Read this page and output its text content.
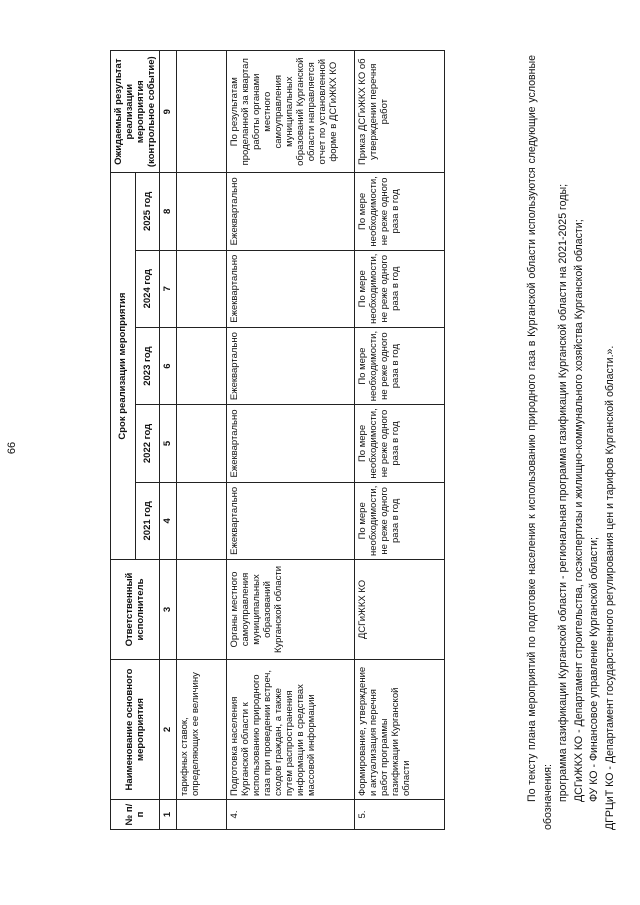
66
№ п/п	Наименование основного мероприятия	Ответственный исполнитель	Срок реализации мероприятия					Ожидаемый результат реализации мероприятия (контрольное событие)
			2021 год	2022 год	2023 год	2024 год	2025 год	
1	2	3	4	5	6	7	8	9
	тарифных ставок, определяющих ее величину							
4.	Подготовка населения Курганской области к использованию природного газа при проведении встреч, сходов граждан, а также путем распространения информации в средствах массовой информации	Органы местного самоуправления муниципальных образований Курганской области	Ежеквартально	Ежеквартально	Ежеквартально	Ежеквартально	Ежеквартально	По результатам проделанной за квартал работы органами местного самоуправления муниципальных образований Курганской области направляется отчет по установленной форме в ДСГиЖКХ КО
5.	Формирование, утверждение и актуализация перечня работ программы газификации Курганской области	ДСГиЖКХ КО	По мере необходимости, не реже одного раза в год	По мере необходимости, не реже одного раза в год	По мере необходимости, не реже одного раза в год	По мере необходимости, не реже одного раза в год	По мере необходимости, не реже одного раза в год	Приказ ДСГиЖКХ КО об утверждении перечня работ	По тексту плана мероприятий по подготовке населения к использованию природного газа в Курганской области используются следующие условные обозначения: программа газификации Курганской области - региональная программа газификации Курганской области на 2021-2025 годы; ДСГиЖКХ КО - Департамент строительства, госэкспертизы и жилищно-коммунального хозяйства Курганской области; ФУ КО - Финансовое управление Курганской области; ДГРЦиТ КО - Департамент государственного регулирования цен и тарифов Курганской области.».
